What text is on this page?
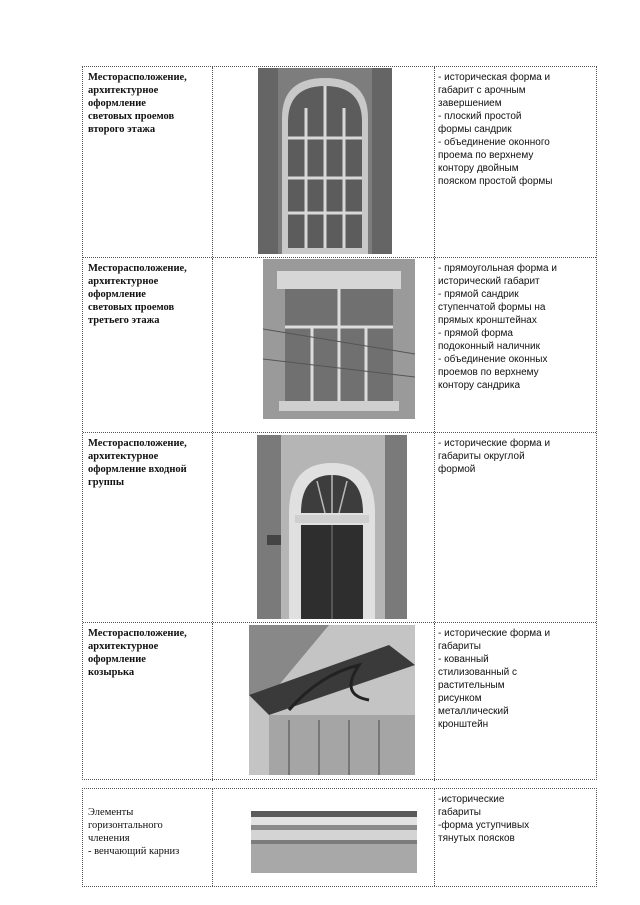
Месторасположение,
архитектурное
оформление
световых проемов
второго этажа
- историческая форма и
габарит с арочным
завершением
- плоский простой
формы сандрик
- объединение оконного
проема по верхнему
контору двойным
пояском простой формы
Месторасположение,
архитектурное
оформление
световых проемов
третьего этажа
- прямоугольная форма и
исторический габарит
- прямой сандрик
ступенчатой формы на
прямых кронштейнах
- прямой форма
подоконный наличник
- объединение оконных
проемов по верхнему
контору сандрика
Месторасположение,
архитектурное
оформление входной
группы
- исторические форма и
габариты округлой
формой
Месторасположение,
архитектурное
оформление
козырька
- исторические форма и
габариты
- кованный
стилизованный с
растительным
рисунком
металлический
кронштейн

Элементы
горизонтального
членения

- венчающий карниз

-исторические
габариты
-форма уступчивых
тянутых поясков
